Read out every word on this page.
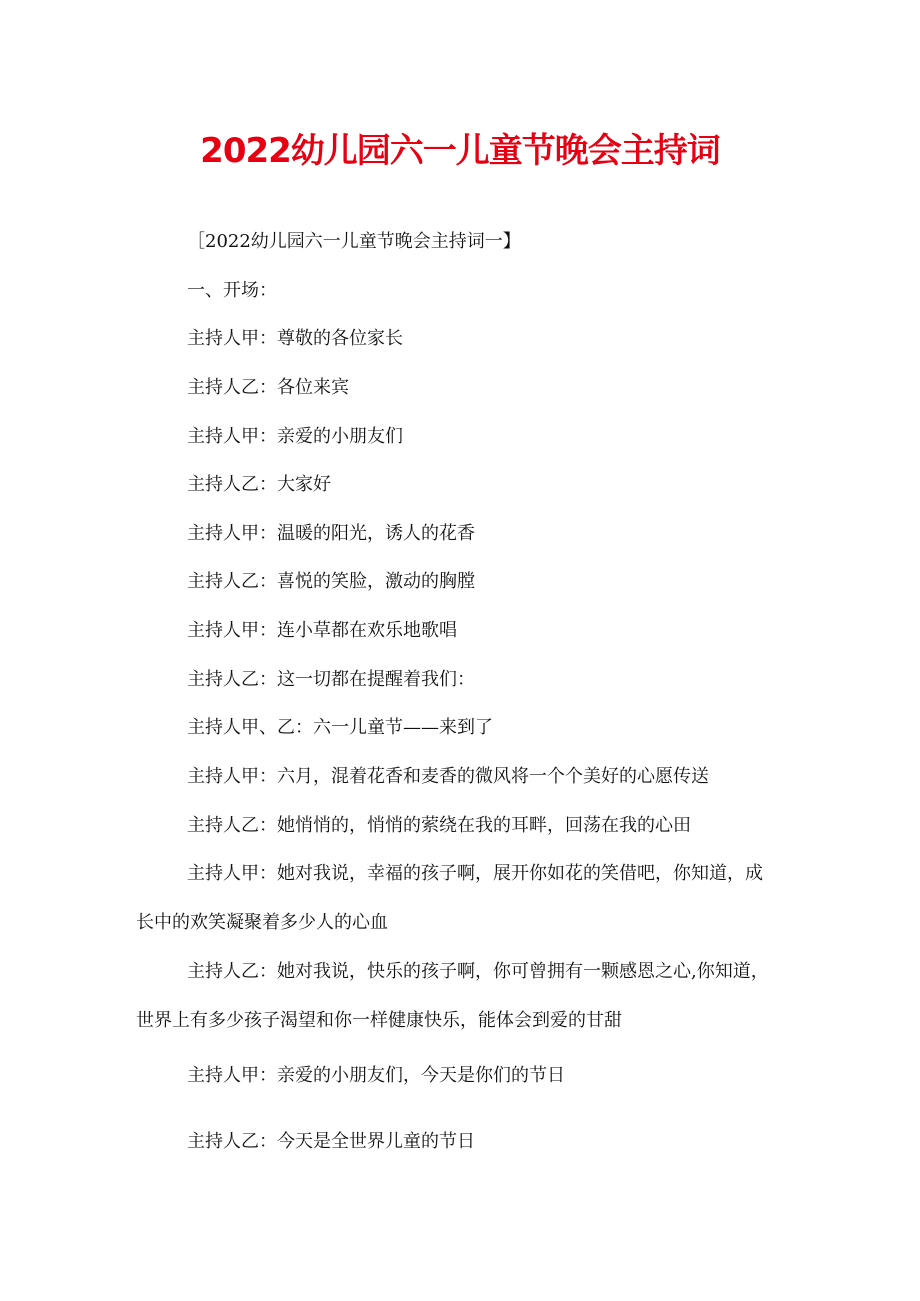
2022幼儿园六一儿童节晚会主持词
［2022幼儿园六一儿童节晚会主持词一】
一、开场：
主持人甲：尊敬的各位家长
主持人乙：各位来宾
主持人甲：亲爱的小朋友们
主持人乙：大家好
主持人甲：温暖的阳光，诱人的花香
主持人乙：喜悦的笑脸，激动的胸膛
主持人甲：连小草都在欢乐地歌唱
主持人乙：这一切都在提醒着我们：
主持人甲、乙：六一儿童节——来到了
主持人甲：六月，混着花香和麦香的微风将一个个美好的心愿传送
主持人乙：她悄悄的，悄悄的萦绕在我的耳畔，回荡在我的心田
主持人甲：她对我说，幸福的孩子啊，展开你如花的笑借吧，你知道，成
长中的欢笑凝聚着多少人的心血
主持人乙：她对我说，快乐的孩子啊，你可曾拥有一颗感恩之心,你知道，
世界上有多少孩子渴望和你一样健康快乐，能体会到爱的甘甜
主持人甲：亲爱的小朋友们，今天是你们的节日
主持人乙：今天是全世界儿童的节日
